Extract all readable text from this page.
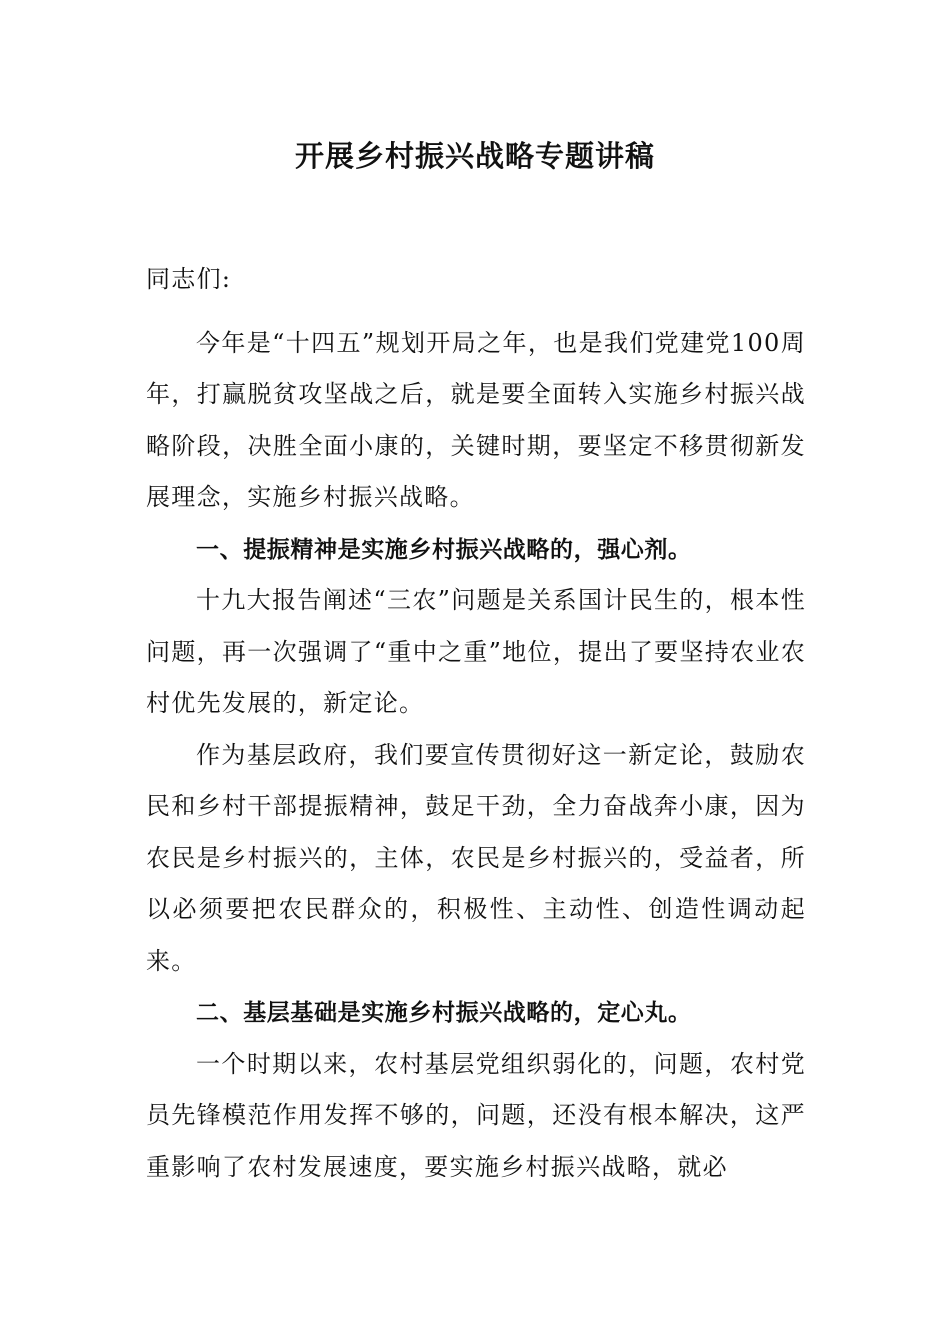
开展乡村振兴战略专题讲稿

同志们:

今年是“十四五”规划开局之年，也是我们党建党100周年，打赢脱贫攻坚战之后，就是要全面转入实施乡村振兴战略阶段，决胜全面小康的，关键时期，要坚定不移贯彻新发展理念，实施乡村振兴战略。

一、提振精神是实施乡村振兴战略的，强心剂。

十九大报告阐述“三农”问题是关系国计民生的，根本性问题，再一次强调了“重中之重”地位，提出了要坚持农业农村优先发展的，新定论。

作为基层政府，我们要宣传贯彻好这一新定论，鼓励农民和乡村干部提振精神，鼓足干劲，全力奋战奔小康，因为农民是乡村振兴的，主体，农民是乡村振兴的，受益者，所以必须要把农民群众的，积极性、主动性、创造性调动起来。

二、基层基础是实施乡村振兴战略的，定心丸。

一个时期以来，农村基层党组织弱化的，问题，农村党员先锋模范作用发挥不够的，问题，还没有根本解决，这严重影响了农村发展速度，要实施乡村振兴战略，就必
